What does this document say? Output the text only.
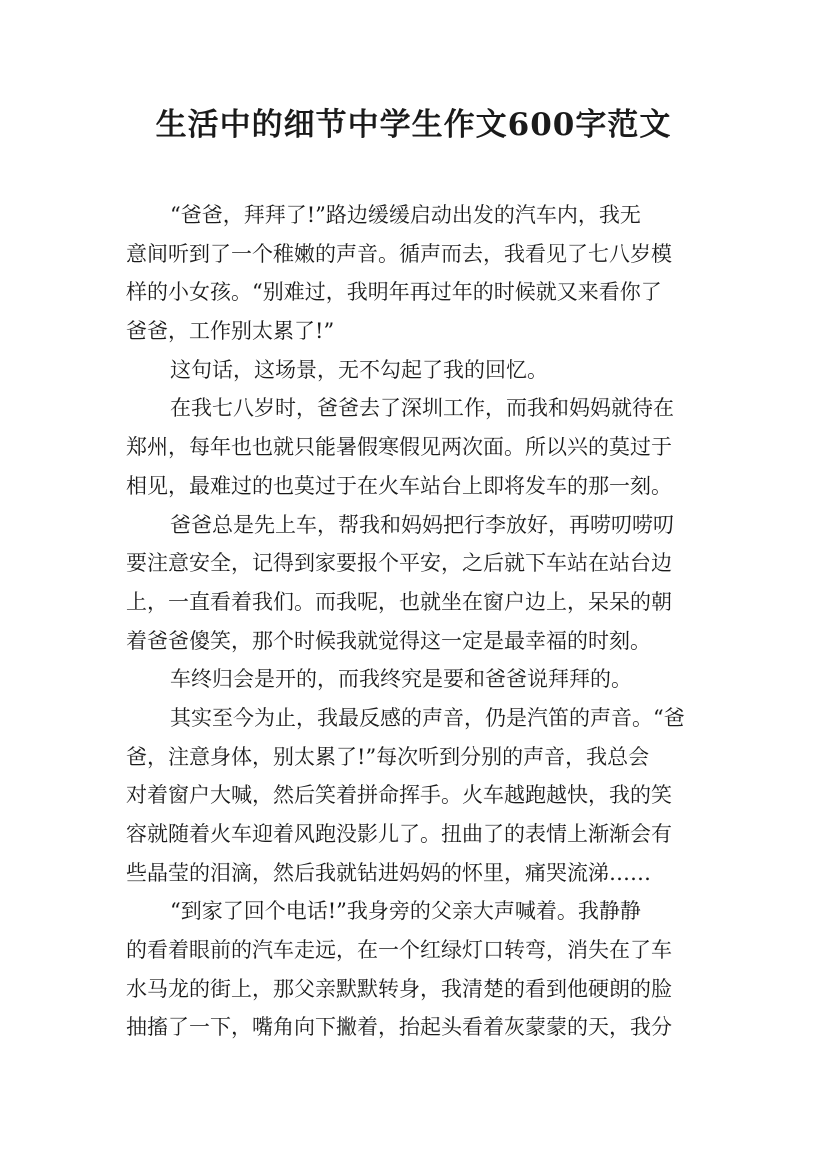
生活中的细节中学生作文600字范文
“爸爸，拜拜了!”路边缓缓启动出发的汽车内，我无
意间听到了一个稚嫩的声音。循声而去，我看见了七八岁模
样的小女孩。“别难过，我明年再过年的时候就又来看你了
爸爸，工作别太累了!”
这句话，这场景，无不勾起了我的回忆。
在我七八岁时，爸爸去了深圳工作，而我和妈妈就待在
郑州，每年也也就只能暑假寒假见两次面。所以兴的莫过于
相见，最难过的也莫过于在火车站台上即将发车的那一刻。
爸爸总是先上车，帮我和妈妈把行李放好，再唠叨唠叨
要注意安全，记得到家要报个平安，之后就下车站在站台边
上，一直看着我们。而我呢，也就坐在窗户边上，呆呆的朝
着爸爸傻笑，那个时候我就觉得这一定是最幸福的时刻。
车终归会是开的，而我终究是要和爸爸说拜拜的。
其实至今为止，我最反感的声音，仍是汽笛的声音。“爸
爸，注意身体，别太累了!”每次听到分别的声音，我总会
对着窗户大喊，然后笑着拼命挥手。火车越跑越快，我的笑
容就随着火车迎着风跑没影儿了。扭曲了的表情上渐渐会有
些晶莹的泪滴，然后我就钻进妈妈的怀里，痛哭流涕……
“到家了回个电话!”我身旁的父亲大声喊着。我静静
的看着眼前的汽车走远，在一个红绿灯口转弯，消失在了车
水马龙的街上，那父亲默默转身，我清楚的看到他硬朗的脸
抽搐了一下，嘴角向下撇着，抬起头看着灰蒙蒙的天，我分
